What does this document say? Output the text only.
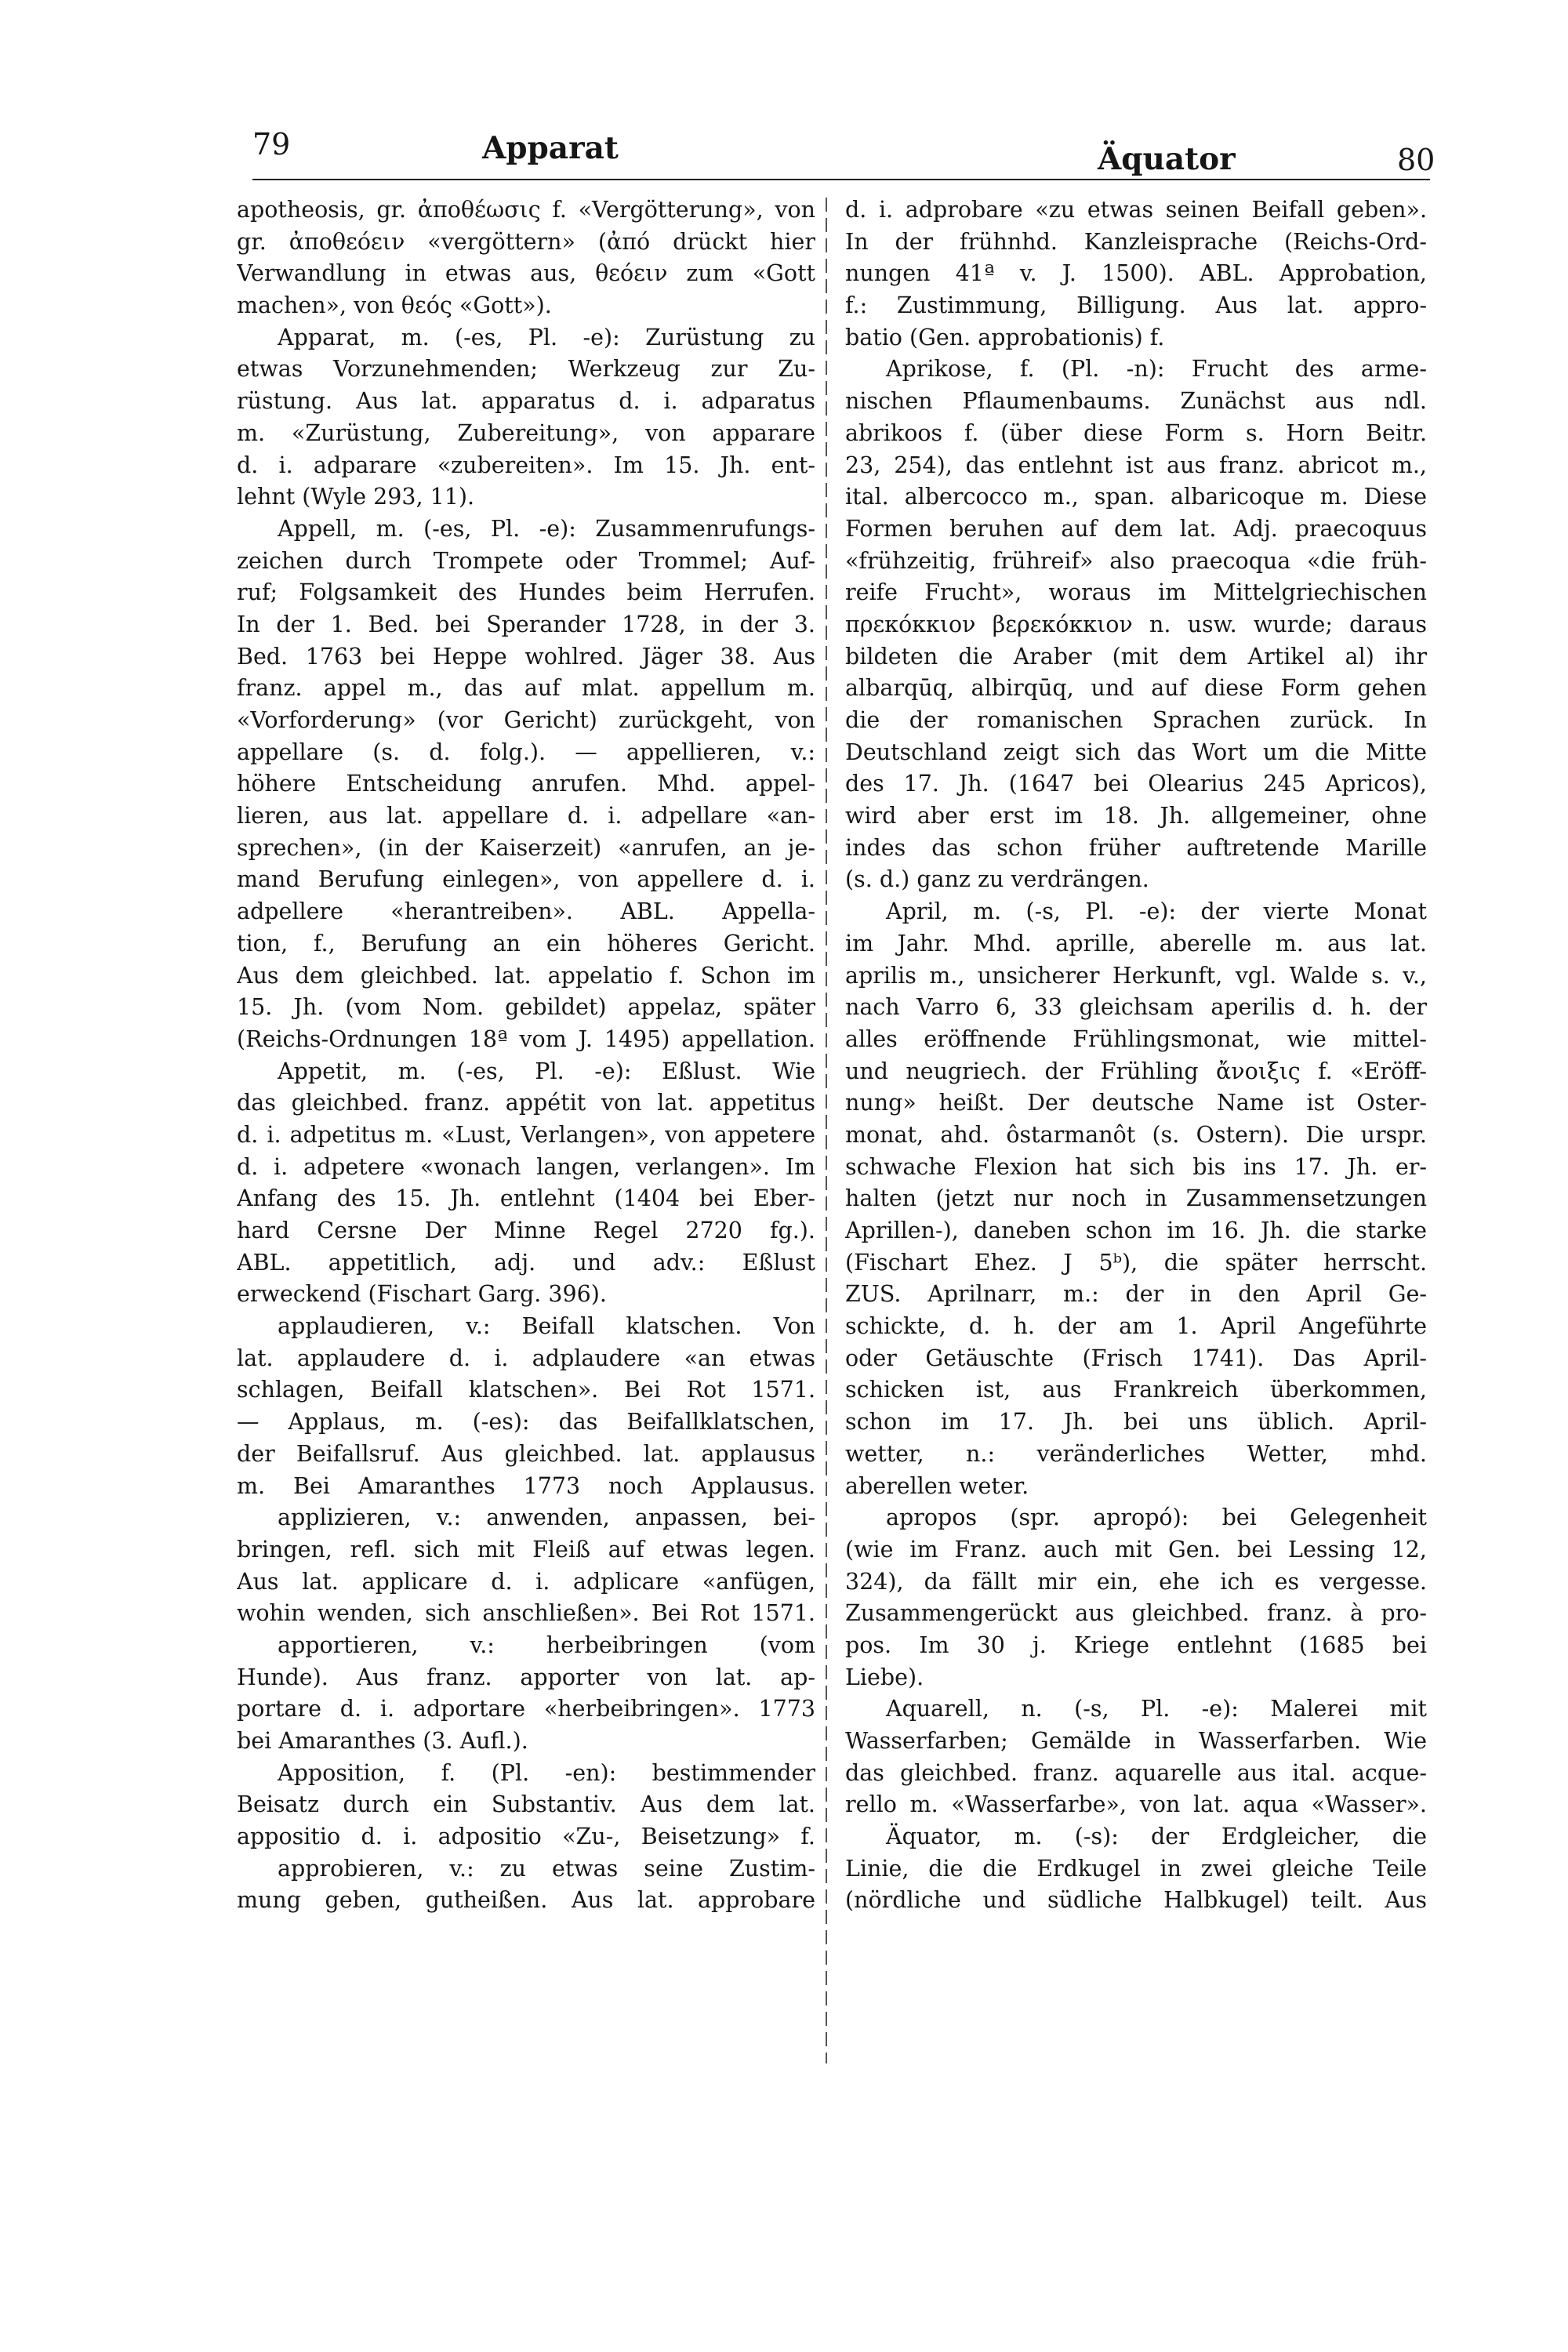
79	Apparat	Äquator	80
apotheosis, gr. ἀποθέωσις f. «Vergötterung», von
gr. ἀποθεόειν «vergöttern» (ἀπό drückt hier
Verwandlung in etwas aus, θεόειν zum «Gott
machen», von θεός «Gott»).
Apparat, m. (-es, Pl. -e): Zurüstung zu
etwas Vorzunehmenden; Werkzeug zur Zu-
rüstung. Aus lat. apparatus d. i. adparatus
m. «Zurüstung, Zubereitung», von apparare
d. i. adparare «zubereiten». Im 15. Jh. ent-
lehnt (Wyle 293, 11).
Appell, m. (-es, Pl. -e): Zusammenrufungs-
zeichen durch Trompete oder Trommel; Auf-
ruf; Folgsamkeit des Hundes beim Herrufen.
In der 1. Bed. bei Sperander 1728, in der 3.
Bed. 1763 bei Heppe wohlred. Jäger 38. Aus
franz. appel m., das auf mlat. appellum m.
«Vorforderung» (vor Gericht) zurückgeht, von
appellare (s. d. folg.). — appellieren, v.:
höhere Entscheidung anrufen. Mhd. appel-
lieren, aus lat. appellare d. i. adpellare «an-
sprechen», (in der Kaiserzeit) «anrufen, an je-
mand Berufung einlegen», von appellere d. i.
adpellere «herantreiben». ABL. Appella-
tion, f., Berufung an ein höheres Gericht.
Aus dem gleichbed. lat. appelatio f. Schon im
15. Jh. (vom Nom. gebildet) appelaz, später
(Reichs-Ordnungen 18ª vom J. 1495) appellation.
Appetit, m. (-es, Pl. -e): Eßlust. Wie
das gleichbed. franz. appétit von lat. appetitus
d. i. adpetitus m. «Lust, Verlangen», von appetere
d. i. adpetere «wonach langen, verlangen». Im
Anfang des 15. Jh. entlehnt (1404 bei Eber-
hard Cersne Der Minne Regel 2720 fg.).
ABL. appetitlich, adj. und adv.: Eßlust
erweckend (Fischart Garg. 396).
applaudieren, v.: Beifall klatschen. Von
lat. applaudere d. i. adplaudere «an etwas
schlagen, Beifall klatschen». Bei Rot 1571.
— Applaus, m. (-es): das Beifallklatschen,
der Beifallsruf. Aus gleichbed. lat. applausus
m. Bei Amaranthes 1773 noch Applausus.
applizieren, v.: anwenden, anpassen, bei-
bringen, refl. sich mit Fleiß auf etwas legen.
Aus lat. applicare d. i. adplicare «anfügen,
wohin wenden, sich anschließen». Bei Rot 1571.
apportieren, v.: herbeibringen (vom
Hunde). Aus franz. apporter von lat. ap-
portare d. i. adportare «herbeibringen». 1773
bei Amaranthes (3. Aufl.).
Apposition, f. (Pl. -en): bestimmender
Beisatz durch ein Substantiv. Aus dem lat.
appositio d. i. adpositio «Zu-, Beisetzung» f.
approbieren, v.: zu etwas seine Zustim-
mung geben, gutheißen. Aus lat. approbare
d. i. adprobare «zu etwas seinen Beifall geben».
In der frühnhd. Kanzleisprache (Reichs-Ord-
nungen 41ª v. J. 1500). ABL. Approbation,
f.: Zustimmung, Billigung. Aus lat. appro-
batio (Gen. approbationis) f.
Aprikose, f. (Pl. -n): Frucht des arme-
nischen Pflaumenbaums. Zunächst aus ndl.
abrikoos f. (über diese Form s. Horn Beitr.
23, 254), das entlehnt ist aus franz. abricot m.,
ital. albercocco m., span. albaricoque m. Diese
Formen beruhen auf dem lat. Adj. praecoquus
«frühzeitig, frühreif» also praecoqua «die früh-
reife Frucht», woraus im Mittelgriechischen
πρεκόκκιον βερεκόκκιον n. usw. wurde; daraus
bildeten die Araber (mit dem Artikel al) ihr
albarqūq, albirqūq, und auf diese Form gehen
die der romanischen Sprachen zurück. In
Deutschland zeigt sich das Wort um die Mitte
des 17. Jh. (1647 bei Olearius 245 Apricos),
wird aber erst im 18. Jh. allgemeiner, ohne
indes das schon früher auftretende Marille
(s. d.) ganz zu verdrängen.
April, m. (-s, Pl. -e): der vierte Monat
im Jahr. Mhd. aprille, aberelle m. aus lat.
aprilis m., unsicherer Herkunft, vgl. Walde s. v.,
nach Varro 6, 33 gleichsam aperilis d. h. der
alles eröffnende Frühlingsmonat, wie mittel-
und neugriech. der Frühling ἄνοιξις f. «Eröff-
nung» heißt. Der deutsche Name ist Oster-
monat, ahd. ôstarmanôt (s. Ostern). Die urspr.
schwache Flexion hat sich bis ins 17. Jh. er-
halten (jetzt nur noch in Zusammensetzungen
Aprillen-), daneben schon im 16. Jh. die starke
(Fischart Ehez. J 5ᵇ), die später herrscht.
ZUS. Aprilnarr, m.: der in den April Ge-
schickte, d. h. der am 1. April Angeführte
oder Getäuschte (Frisch 1741). Das April-
schicken ist, aus Frankreich überkommen,
schon im 17. Jh. bei uns üblich. April-
wetter, n.: veränderliches Wetter, mhd.
aberellen weter.
apropos (spr. apropó): bei Gelegenheit
(wie im Franz. auch mit Gen. bei Lessing 12,
324), da fällt mir ein, ehe ich es vergesse.
Zusammengerückt aus gleichbed. franz. à pro-
pos. Im 30 j. Kriege entlehnt (1685 bei
Liebe).
Aquarell, n. (-s, Pl. -e): Malerei mit
Wasserfarben; Gemälde in Wasserfarben. Wie
das gleichbed. franz. aquarelle aus ital. acque-
rello m. «Wasserfarbe», von lat. aqua «Wasser».
Äquator, m. (-s): der Erdgleicher, die
Linie, die die Erdkugel in zwei gleiche Teile
(nördliche und südliche Halbkugel) teilt. Aus
